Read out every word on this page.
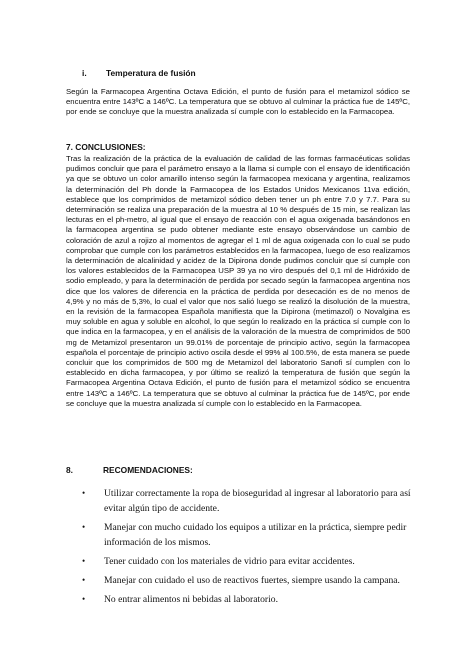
i. Temperatura de fusión

Según la Farmacopea Argentina Octava Edición, el punto de fusión para el metamizol sódico se encuentra entre 143ºC a 146ºC. La temperatura que se obtuvo al culminar la práctica fue de 145ºC, por ende se concluye que la muestra analizada sí cumple con lo establecido en la Farmacopea.

7. CONCLUSIONES:

Tras la realización de la práctica de la evaluación de calidad de las formas farmacéuticas solidas pudimos concluir que para el parámetro ensayo a la llama si cumple con el ensayo de identificación ya que se obtuvo un color amarillo intenso según la farmacopea mexicana y argentina, realizamos la determinación del Ph donde la Farmacopea de los Estados Unidos Mexicanos 11va edición, establece que los comprimidos de metamizol sódico deben tener un ph entre 7.0 y 7.7. Para su determinación se realiza una preparación de la muestra al 10 % después de 15 min, se realizan las lecturas en el ph-metro, al igual que el ensayo de reacción con el agua oxigenada basándonos en la farmacopea argentina se pudo obtener mediante este ensayo observándose un cambio de coloración de azul a rojizo al momentos de agregar el 1 ml de agua oxigenada con lo cual se pudo comprobar que cumple con los parámetros establecidos en la farmacopea, luego de eso realizamos la determinación de alcalinidad y acidez de la Dipirona donde pudimos concluir que sí cumple con los valores establecidos de la Farmacopea USP 39 ya no viro después del 0,1 ml de Hidróxido de sodio empleado, y para la determinación de perdida por secado según la farmacopea argentina nos dice que los valores de diferencia en la práctica de perdida por desecación es de no menos de 4,9% y no más de 5,3%, lo cual el valor que nos salió luego se realizó la disolución de la muestra, en la revisión de la farmacopea Española manifiesta que la Dipirona (metimazol) o Novalgina es muy soluble en agua y soluble en alcohol, lo que según lo realizado en la práctica sí cumple con lo que indica en la farmacopea, y en el análisis de la valoración de la muestra de comprimidos de 500 mg de Metamizol presentaron un 99.01% de porcentaje de principio activo, según la farmacopea española el porcentaje de principio activo oscila desde el 99% al 100.5%, de esta manera se puede concluir que los comprimidos de 500 mg de Metamizol del laboratorio Sanofi sí cumplen con lo establecido en dicha farmacopea, y por último se realizó la temperatura de fusión que según la Farmacopea Argentina Octava Edición, el punto de fusión para el metamizol sódico se encuentra entre 143ºC a 146ºC. La temperatura que se obtuvo al culminar la práctica fue de 145ºC, por ende se concluye que la muestra analizada sí cumple con lo establecido en la Farmacopea.

8.	RECOMENDACIONES:
• Utilizar correctamente la ropa de bioseguridad al ingresar al laboratorio para así evitar algún tipo de accidente.
• Manejar con mucho cuidado los equipos a utilizar en la práctica, siempre pedir información de los mismos.
• Tener cuidado con los materiales de vidrio para evitar accidentes.
• Manejar con cuidado el uso de reactivos fuertes, siempre usando la campana.
• No entrar alimentos ni bebidas al laboratorio.
